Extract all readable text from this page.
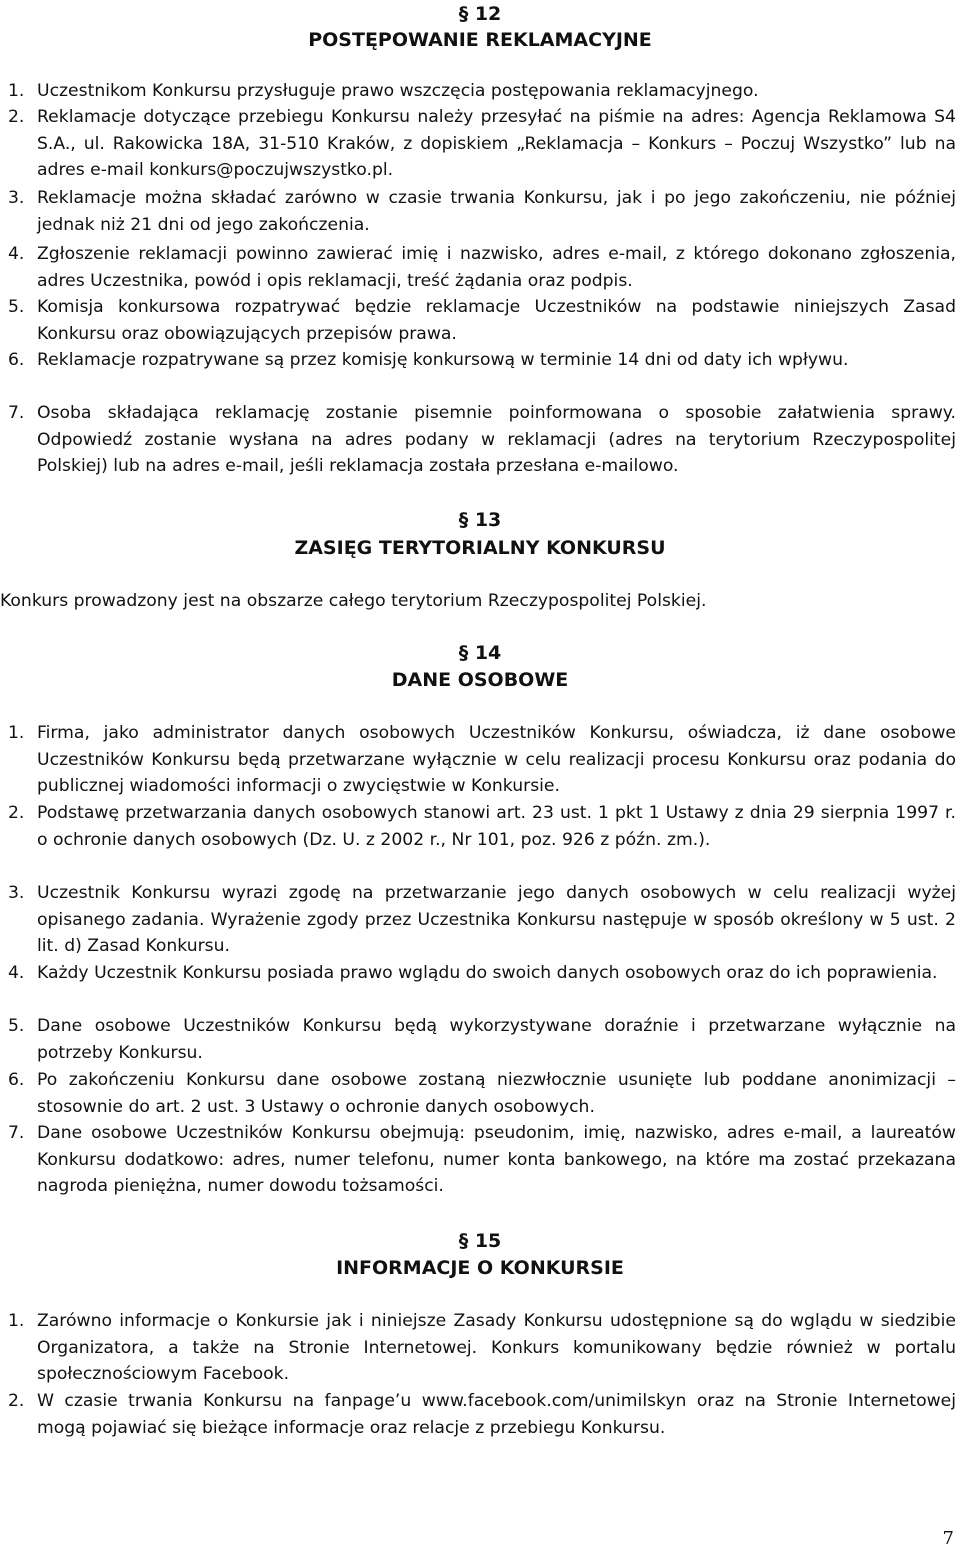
§ 12
POSTĘPOWANIE REKLAMACYJNE
1. Uczestnikom Konkursu przysługuje prawo wszczęcia postępowania reklamacyjnego.
2. Reklamacje dotyczące przebiegu Konkursu należy przesyłać na piśmie na adres: Agencja Reklamowa S4 S.A., ul. Rakowicka 18A, 31-510 Kraków, z dopiskiem „Reklamacja – Konkurs – Poczuj Wszystko” lub na adres e-mail konkurs@poczujwszystko.pl.
3. Reklamacje można składać zarówno w czasie trwania Konkursu, jak i po jego zakończeniu, nie później jednak niż 21 dni od jego zakończenia.
4. Zgłoszenie reklamacji powinno zawierać imię i nazwisko, adres e-mail, z którego dokonano zgłoszenia, adres Uczestnika, powód i opis reklamacji, treść żądania oraz podpis.
5. Komisja konkursowa rozpatrywać będzie reklamacje Uczestników na podstawie niniejszych Zasad Konkursu oraz obowiązujących przepisów prawa.
6. Reklamacje rozpatrywane są przez komisję konkursową w terminie 14 dni od daty ich wpływu.
7. Osoba składająca reklamację zostanie pisemnie poinformowana o sposobie załatwienia sprawy. Odpowiedź zostanie wysłana na adres podany w reklamacji (adres na terytorium Rzeczypospolitej Polskiej) lub na adres e-mail, jeśli reklamacja została przesłana e-mailowo.
§ 13
ZASIĘG TERYTORIALNY KONKURSU
Konkurs prowadzony jest na obszarze całego terytorium Rzeczypospolitej Polskiej.
§ 14
DANE OSOBOWE
1. Firma, jako administrator danych osobowych Uczestników Konkursu, oświadcza, iż dane osobowe Uczestników Konkursu będą przetwarzane wyłącznie w celu realizacji procesu Konkursu oraz podania do publicznej wiadomości informacji o zwycięstwie w Konkursie.
2. Podstawę przetwarzania danych osobowych stanowi art. 23 ust. 1 pkt 1 Ustawy z dnia 29 sierpnia 1997 r. o ochronie danych osobowych (Dz. U. z 2002 r., Nr 101, poz. 926 z późn. zm.).
3. Uczestnik Konkursu wyrazi zgodę na przetwarzanie jego danych osobowych w celu realizacji wyżej opisanego zadania. Wyrażenie zgody przez Uczestnika Konkursu następuje w sposób określony w 5 ust. 2 lit. d) Zasad Konkursu.
4. Każdy Uczestnik Konkursu posiada prawo wglądu do swoich danych osobowych oraz do ich poprawienia.
5. Dane osobowe Uczestników Konkursu będą wykorzystywane doraźnie i przetwarzane wyłącznie na potrzeby Konkursu.
6. Po zakończeniu Konkursu dane osobowe zostaną niezwłocznie usunięte lub poddane anonimizacji – stosownie do art. 2 ust. 3 Ustawy o ochronie danych osobowych.
7. Dane osobowe Uczestników Konkursu obejmują: pseudonim, imię, nazwisko, adres e-mail, a laureatów Konkursu dodatkowo: adres, numer telefonu, numer konta bankowego, na które ma zostać przekazana nagroda pieniężna, numer dowodu tożsamości.
§ 15
INFORMACJE O KONKURSIE
1. Zarówno informacje o Konkursie jak i niniejsze Zasady Konkursu udostępnione są do wglądu w siedzibie Organizatora, a także na Stronie Internetowej. Konkurs komunikowany będzie również w portalu społecznościowym Facebook.
2. W czasie trwania Konkursu na fanpage’u www.facebook.com/unimilskyn oraz na Stronie Internetowej mogą pojawiać się bieżące informacje oraz relacje z przebiegu Konkursu.
7
